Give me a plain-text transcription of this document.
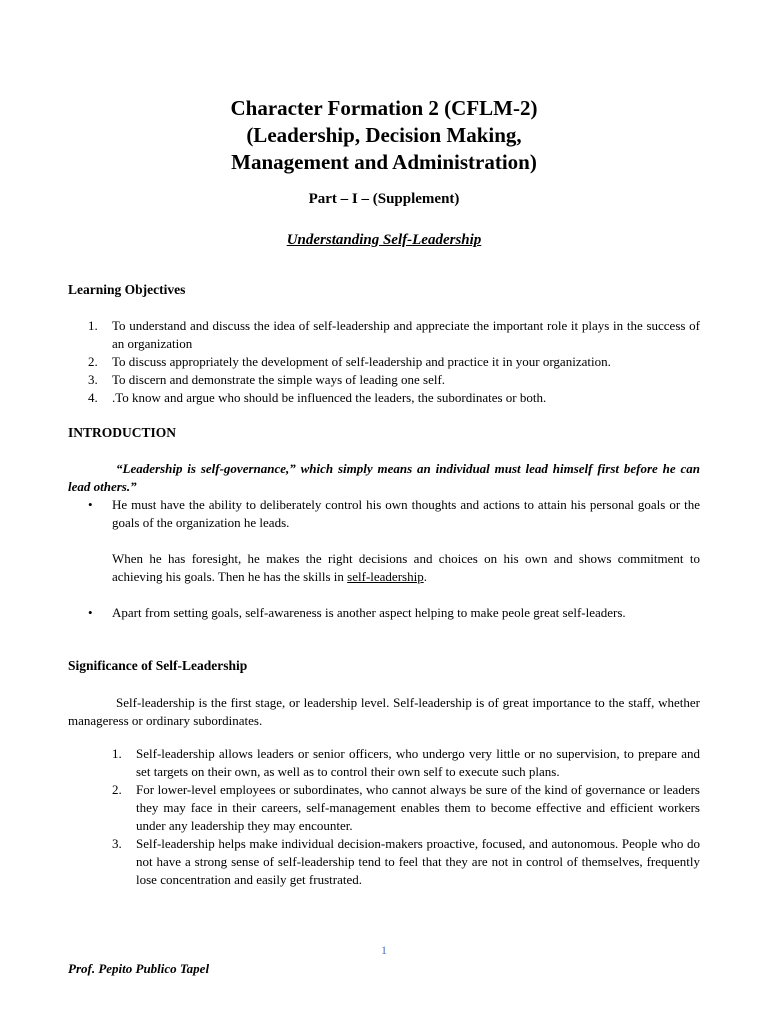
Character Formation 2 (CFLM-2)
(Leadership, Decision Making,
Management and Administration)
Part – I – (Supplement)
Understanding Self-Leadership
Learning Objectives
1. To understand and discuss the idea of self-leadership and appreciate the important role it plays in the success of an organization
2. To discuss appropriately the development of self-leadership and practice it in your organization.
3. To discern and demonstrate the simple ways of leading one self.
4. .To know and argue who should be influenced the leaders, the subordinates or both.
INTRODUCTION
“Leadership is self-governance,” which simply means an individual must lead himself first before he can lead others.”
• He must have the ability to deliberately control his own thoughts and actions to attain his personal goals or the goals of the organization he leads.
When he has foresight, he makes the right decisions and choices on his own and shows commitment to achieving his goals. Then he has the skills in self-leadership.
• Apart from setting goals, self-awareness is another aspect helping to make peole great self-leaders.
Significance of Self-Leadership
Self-leadership is the first stage, or leadership level. Self-leadership is of great importance to the staff, whether manageress or ordinary subordinates.
1. Self-leadership allows leaders or senior officers, who undergo very little or no supervision, to prepare and set targets on their own, as well as to control their own self to execute such plans.
2. For lower-level employees or subordinates, who cannot always be sure of the kind of governance or leaders they may face in their careers, self-management enables them to become effective and efficient workers under any leadership they may encounter.
3. Self-leadership helps make individual decision-makers proactive, focused, and autonomous. People who do not have a strong sense of self-leadership tend to feel that they are not in control of themselves, frequently lose concentration and easily get frustrated.
1
Prof. Pepito Publico Tapel
